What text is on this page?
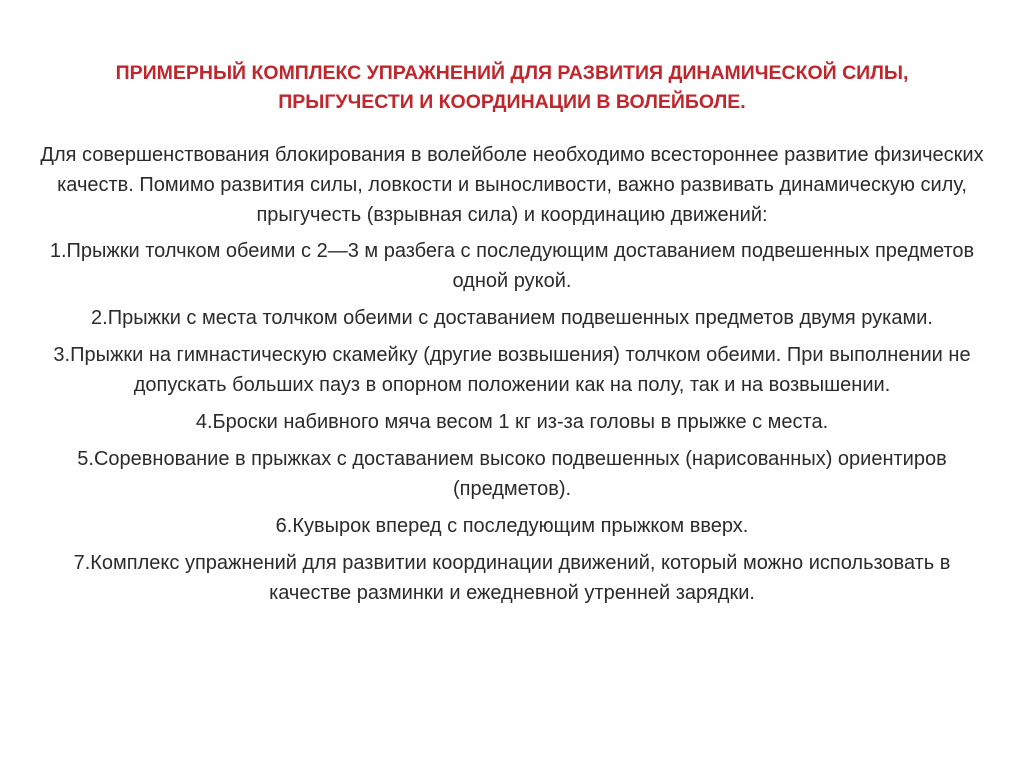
ПРИМЕРНЫЙ КОМПЛЕКС УПРАЖНЕНИЙ ДЛЯ РАЗВИТИЯ ДИНАМИЧЕСКОЙ СИЛЫ, ПРЫГУЧЕСТИ И КООРДИНАЦИИ В ВОЛЕЙБОЛЕ.

Для совершенствования блокирования в волейболе необходимо всестороннее развитие физических качеств. Помимо развития силы, ловкости и выносливости, важно развивать динамическую силу, прыгучесть (взрывная сила) и координацию движений:

1.Прыжки толчком обеими с 2—3 м разбега с последующим доставанием подвешенных предметов одной рукой.

2.Прыжки с места толчком обеими с доставанием подвешенных предметов двумя руками.

3.Прыжки на гимнастическую скамейку (другие возвышения) толчком обеими. При выполнении не допускать больших пауз в опорном положении как на полу, так и на возвышении.

4.Броски набивного мяча весом 1 кг из-за головы в прыжке с места.

5.Соревнование в прыжках с доставанием высоко подвешенных (нарисованных) ориентиров (предметов).

6.Кувырок вперед с последующим прыжком вверх.

7.Комплекс упражнений для развитии координации движений, который можно использовать в качестве разминки и ежедневной утренней зарядки.
